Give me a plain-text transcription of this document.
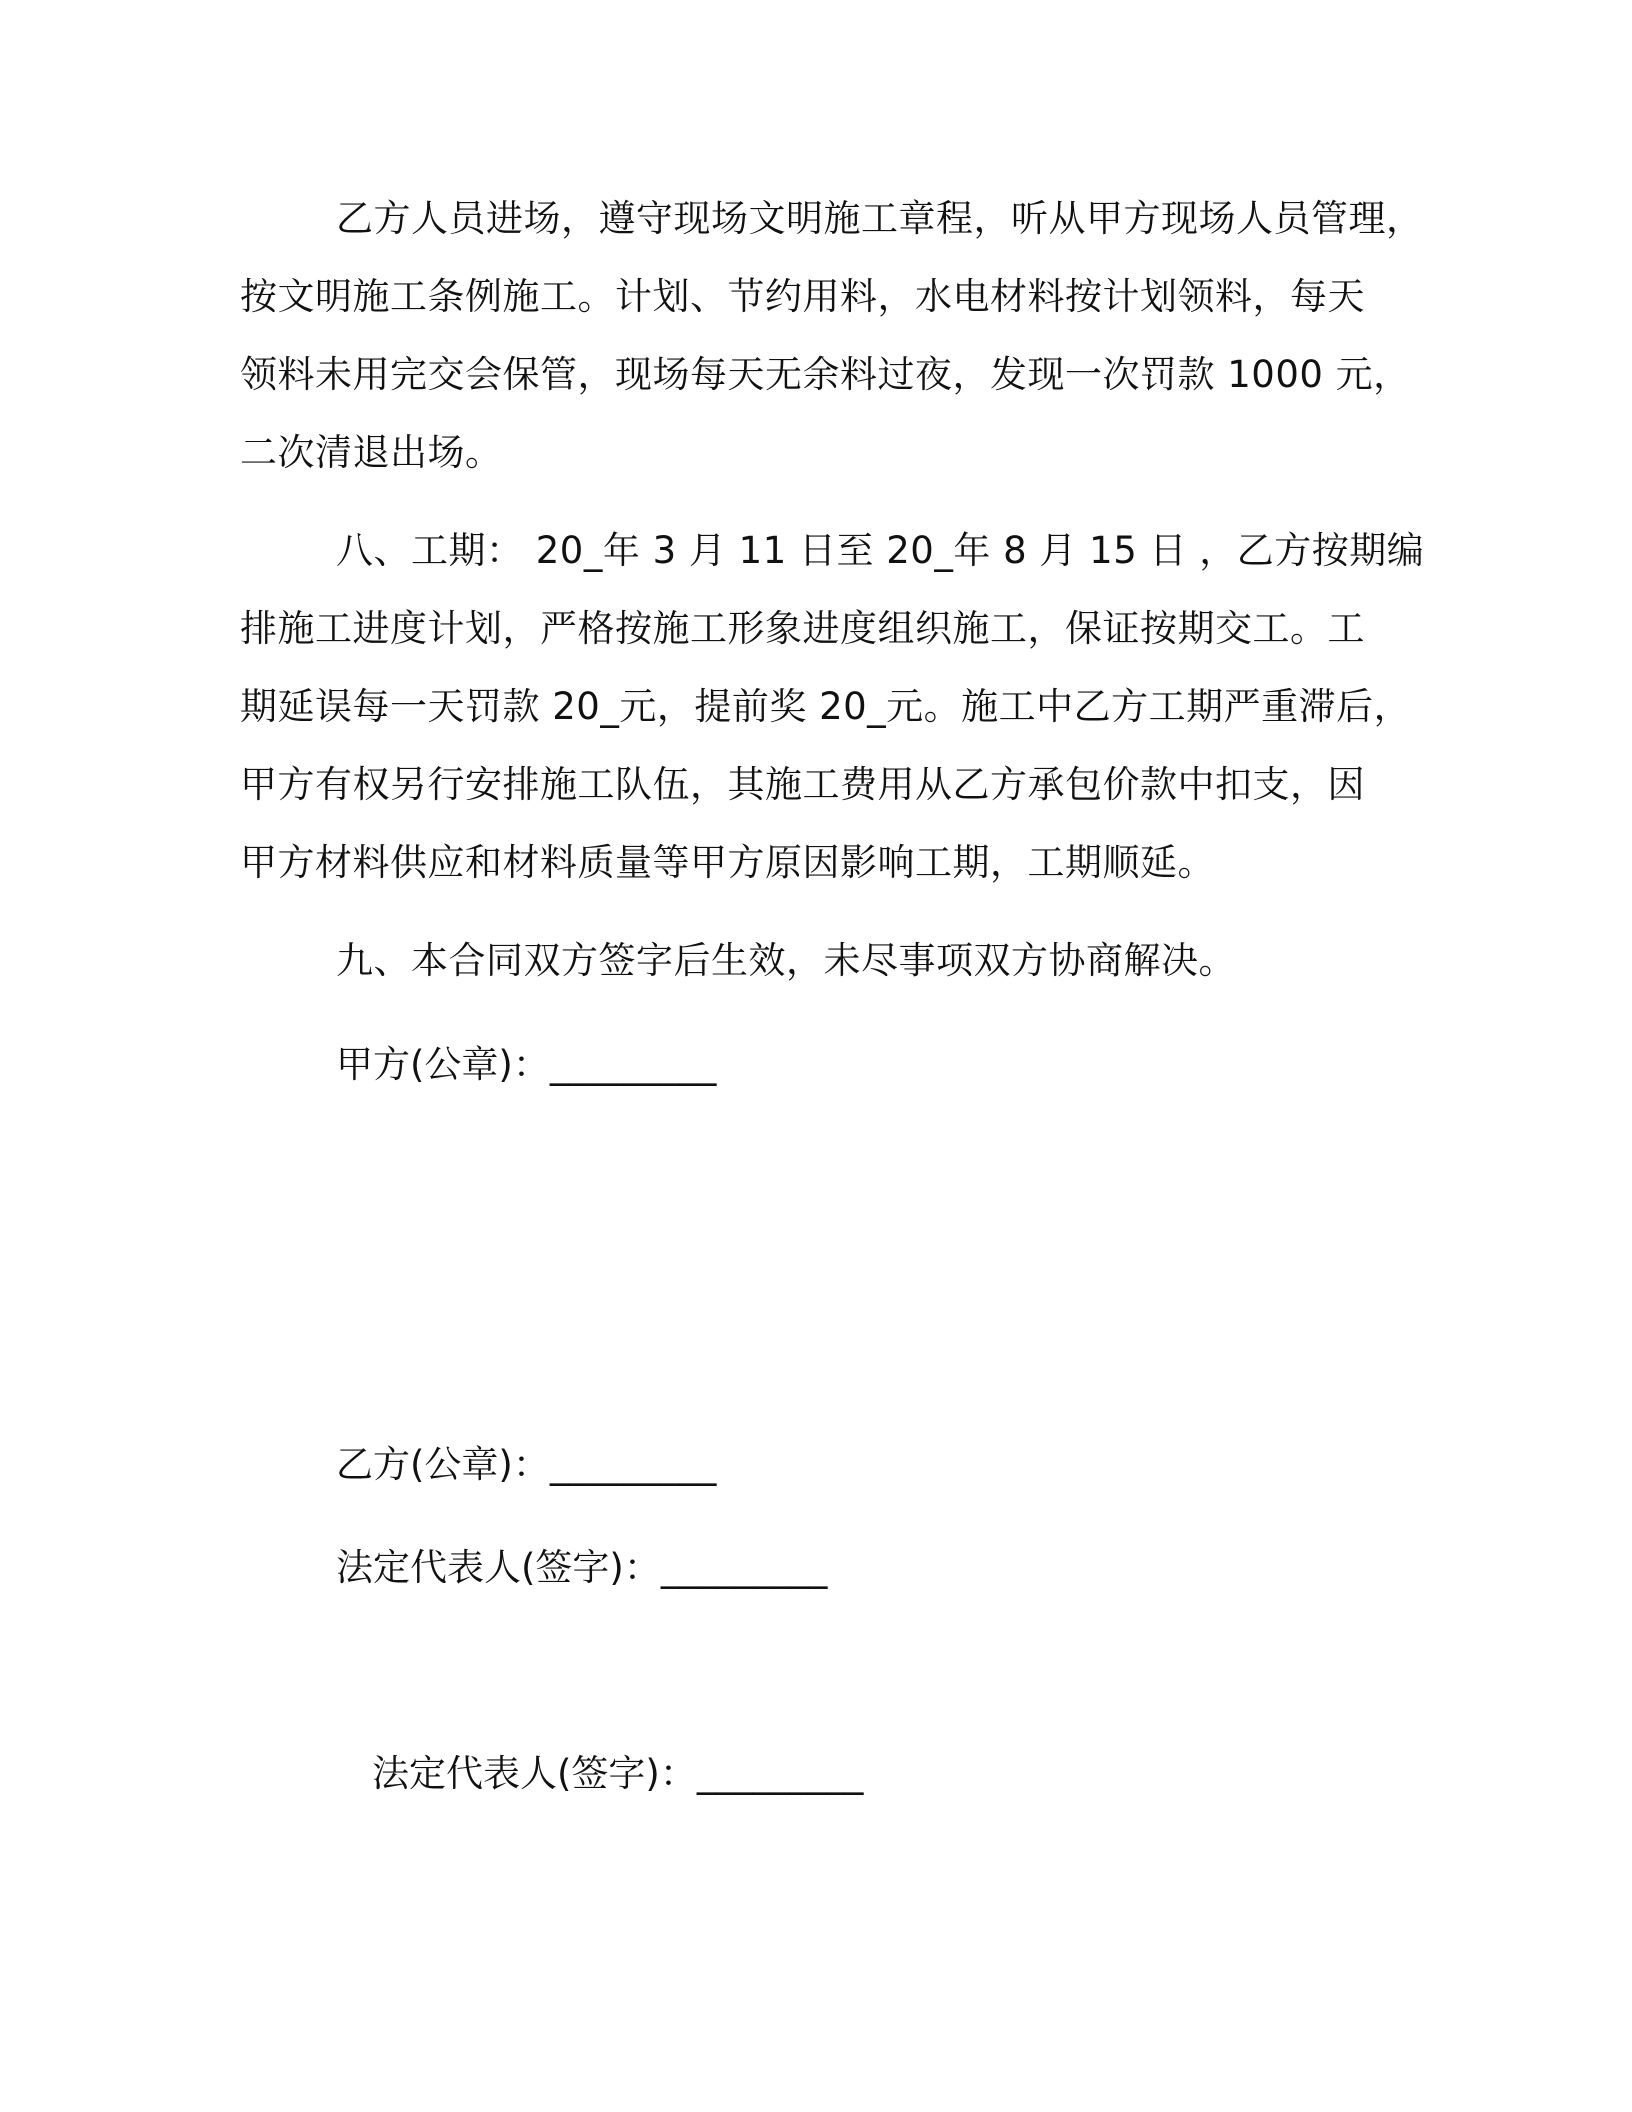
乙方人员进场，遵守现场文明施工章程，听从甲方现场人员管理，
按文明施工条例施工。计划、节约用料，水电材料按计划领料，每天
领料未用完交会保管，现场每天无余料过夜，发现一次罚款 1000 元，
二次清退出场。

八、工期： 20_年 3 月 11 日至 20_年 8 月 15 日 ，乙方按期编
排施工进度计划，严格按施工形象进度组织施工，保证按期交工。工
期延误每一天罚款 20_元，提前奖 20_元。施工中乙方工期严重滞后，
甲方有权另行安排施工队伍，其施工费用从乙方承包价款中扣支，因
甲方材料供应和材料质量等甲方原因影响工期，工期顺延。

九、本合同双方签字后生效，未尽事项双方协商解决。

甲方(公章)：_________

乙方(公章)：_________

法定代表人(签字)：_________

法定代表人(签字)：_________
